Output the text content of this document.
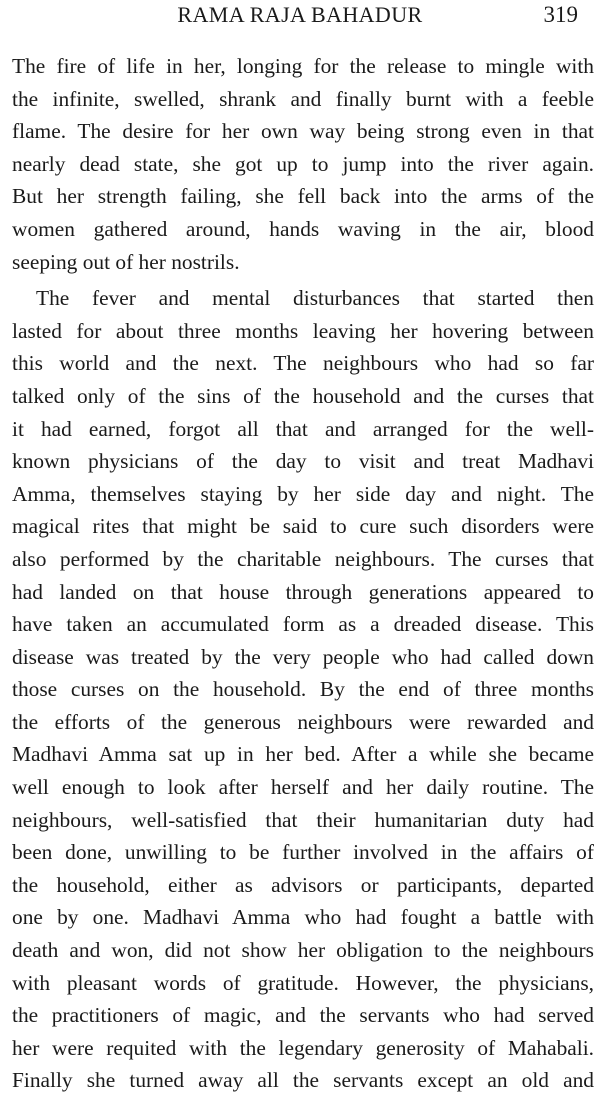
RAMA RAJA BAHADUR	319

The fire of life in her, longing for the release to mingle with
the infinite, swelled, shrank and finally burnt with a feeble
flame. The desire for her own way being strong even in that
nearly dead state, she got up to jump into the river again.
But her strength failing, she fell back into the arms of the
women gathered around, hands waving in the air, blood
seeping out of her nostrils.

The fever and mental disturbances that started then
lasted for about three months leaving her hovering between
this world and the next. The neighbours who had so far
talked only of the sins of the household and the curses that
it had earned, forgot all that and arranged for the well-
known physicians of the day to visit and treat Madhavi
Amma, themselves staying by her side day and night. The
magical rites that might be said to cure such disorders were
also performed by the charitable neighbours. The curses that
had landed on that house through generations appeared to
have taken an accumulated form as a dreaded disease. This
disease was treated by the very people who had called down
those curses on the household. By the end of three months
the efforts of the generous neighbours were rewarded and
Madhavi Amma sat up in her bed. After a while she became
well enough to look after herself and her daily routine. The
neighbours, well-satisfied that their humanitarian duty had
been done, unwilling to be further involved in the affairs of
the household, either as advisors or participants, departed
one by one. Madhavi Amma who had fought a battle with
death and won, did not show her obligation to the neighbours
with pleasant words of gratitude. However, the physicians,
the practitioners of magic, and the servants who had served
her were requited with the legendary generosity of Mahabali.
Finally she turned away all the servants except an old and
